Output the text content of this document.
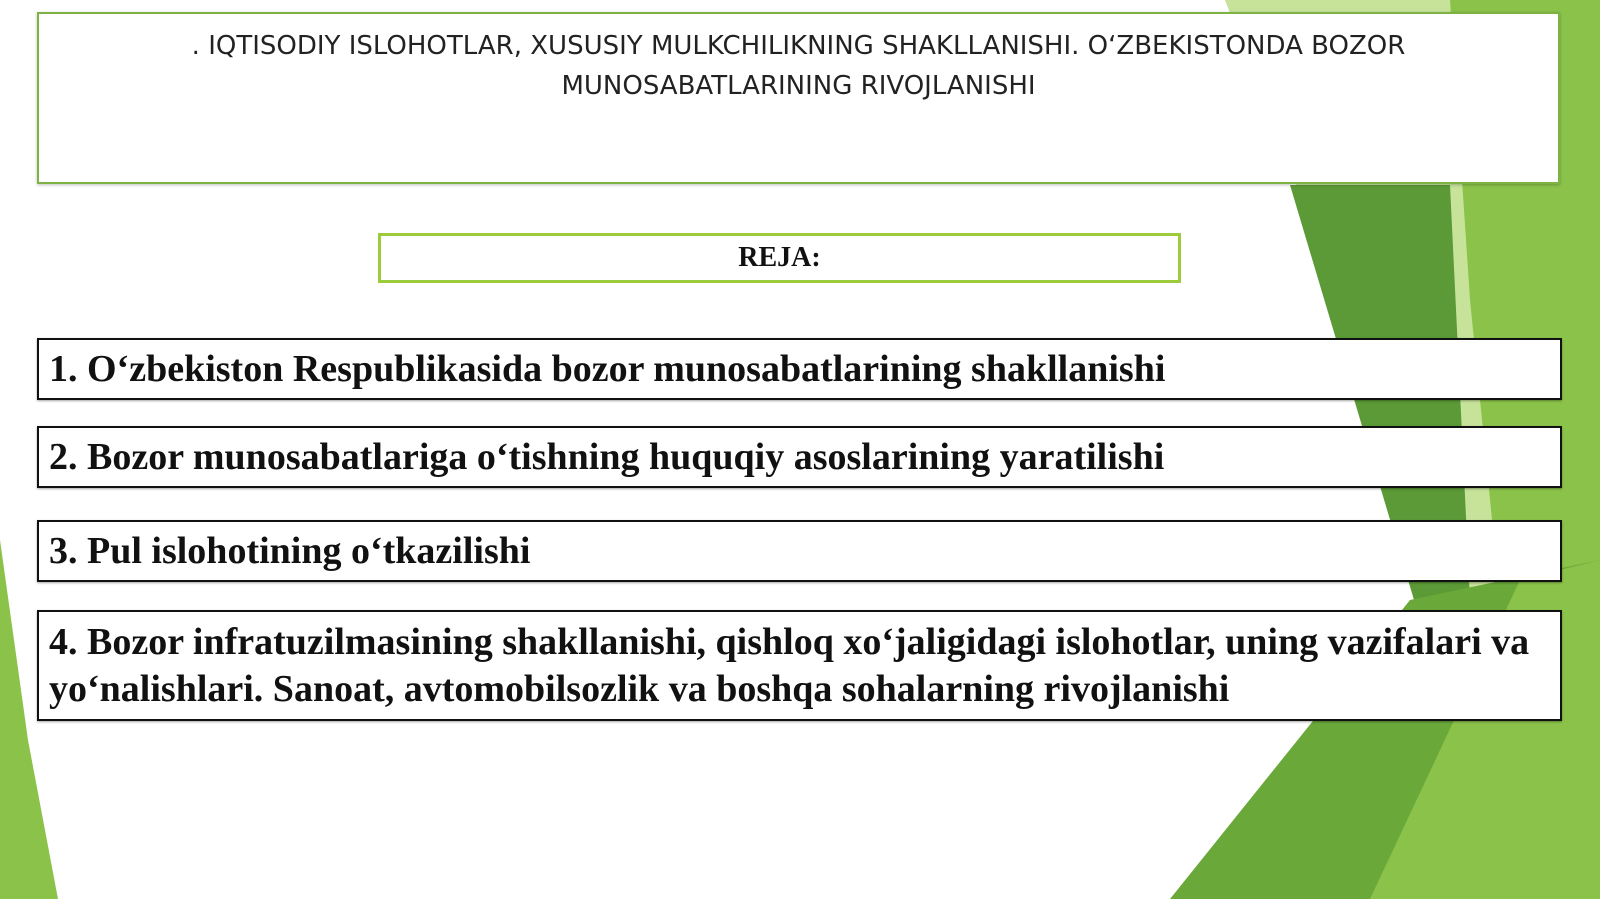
. IQTISODIY ISLOHOTLAR, XUSUSIY MULKCHILIKNING SHAKLLANISHI. O‘ZBEKISTONDA BOZOR MUNOSABATLARINING RIVOJLANISHI
REJA:
1. O‘zbekiston Respublikasida bozor munosabatlarining shakllanishi
2. Bozor munosabatlariga o‘tishning huquqiy asoslarining yaratilishi
3. Pul islohotining o‘tkazilishi
4. Bozor infratuzilmasining shakllanishi, qishloq xo‘jaligidagi islohotlar, uning vazifalari va yo‘nalishlari. Sanoat, avtomobilsozlik va boshqa sohalarning rivojlanishi
